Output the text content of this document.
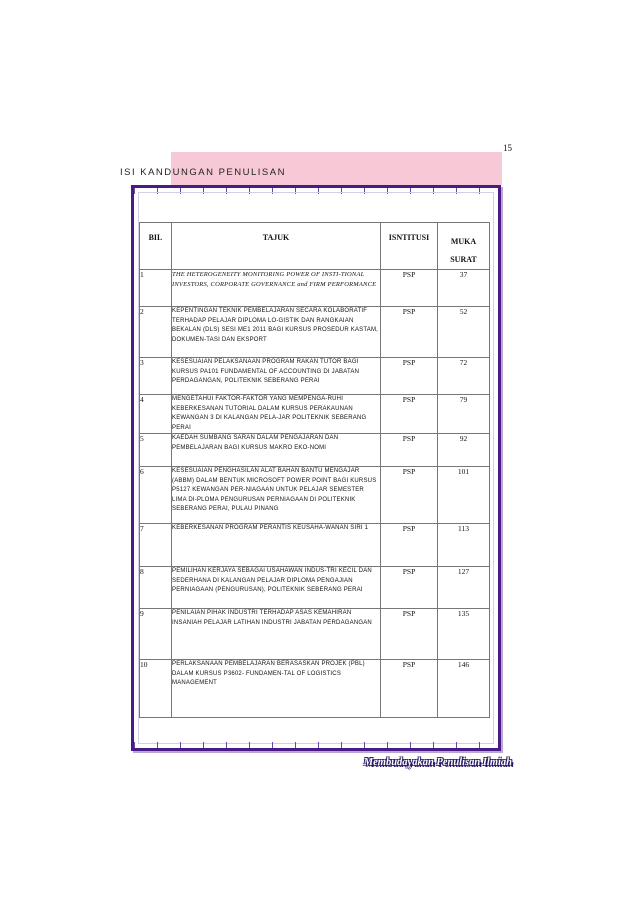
15
ISI KANDUNGAN PENULISAN
BIL	TAJUK	ISNTITUSI	MUKA
SURAT
1	THE HETEROGENEITY MONITORING POWER OF INSTI-TIONAL INVESTORS, CORPORATE GOVERNANCE and FIRM PERFORMANCE	PSP	37
2	KEPENTINGAN TEKNIK PEMBELAJARAN SECARA KOLABORATIF TERHADAP PELAJAR DIPLOMA LO-GISTIK DAN RANGKAIAN BEKALAN (DLS) SESI ME1 2011 BAGI KURSUS PROSEDUR KASTAM, DOKUMEN-TASI DAN EKSPORT	PSP	52
3	KESESUAIAN PELAKSANAAN PROGRAM RAKAN TUTOR BAGI KURSUS PA101 FUNDAMENTAL OF ACCOUNTING DI JABATAN PERDAGANGAN, POLITEKNIK SEBERANG PERAI	PSP	72
4	MENGETAHUI FAKTOR-FAKTOR YANG MEMPENGA-RUHI KEBERKESANAN TUTORIAL DALAM KURSUS PERAKAUNAN KEWANGAN 3 DI KALANGAN PELA-JAR POLITEKNIK SEBERANG PERAI	PSP	79
5	KAEDAH SUMBANG SARAN DALAM PENGAJARAN DAN PEMBELAJARAN BAGI KURSUS MAKRO EKO-NOMI	PSP	92
6	KESESUAIAN PENGHASILAN ALAT BAHAN BANTU MENGAJAR (ABBM) DALAM BENTUK MICROSOFT POWER POINT BAGI KURSUS P5127 KEWANGAN PER-NIAGAAN UNTUK PELAJAR SEMESTER LIMA DI-PLOMA PENGURUSAN PERNIAGAAN DI POLITEKNIK SEBERANG PERAI, PULAU PINANG	PSP	101
7	KEBERKESANAN PROGRAM PERANTIS KEUSAHA-WANAN SIRI 1	PSP	113
8	PEMILIHAN KERJAYA SEBAGAI USAHAWAN INDUS-TRI KECIL DAN SEDERHANA DI KALANGAN PELAJAR DIPLOMA PENGAJIAN PERNIAGAAN (PENGURUSAN), POLITEKNIK SEBERANG PERAI	PSP	127
9	PENILAIAN PIHAK INDUSTRI TERHADAP ASAS KEMAHIRAN INSANIAH PELAJAR LATIHAN INDUSTRI JABATAN PERDAGANGAN	PSP	135
10	PERLAKSANAAN PEMBELAJARAN BERASASKAN PROJEK (PBL) DALAM KURSUS P3602- FUNDAMEN-TAL OF LOGISTICS MANAGEMENT	PSP	146
Membudayakan Penulisan Ilmiah
